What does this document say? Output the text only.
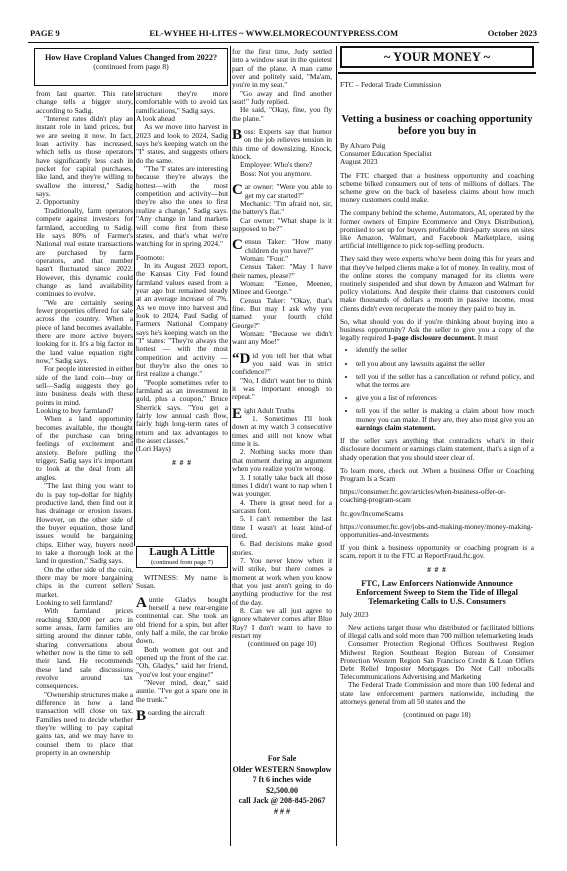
PAGE 9	EL-WYHEE HI-LITES ~ WWW.ELMORECOUNTYPRESS.COM	October 2023
How Have Cropland Values Changed from 2022?
(continued from page 8)

from last quarter. This rate change tells a bigger story, according to Sadig.

"Interest rates didn't play an instant role in land prices, but we are seeing it now. In fact, loan activity has increased, which tells us those operators have significantly less cash in pocket for capital purchases, like land, and they're willing to swallow the interest," Sadig says.

2. Opportunity

Traditionally, farm operators compete against investors for farmland, according to Sadig. He says 80% of Farmer's National real estate transactions are purchased by farm operators, and that number hasn't fluctuated since 2022. However, this dynamic could change as land availability continues to evolve.

"We are certainly seeing fewer properties offered for sale across the country. When a piece of land becomes available, there are more active buyers looking for it. It's a big factor in the land value equation right now," Sadig says.

For people interested in either side of the land coin—buy or sell—Sadig suggests they go into business deals with these points in mind.

Looking to buy farmland?

When a land opportunity becomes available, the thought of the purchase can bring feelings of excitement and anxiety. Before pulling the trigger, Sadig says it's important to look at the deal from all angles.

"The last thing you want to do is pay top-dollar for highly productive land, then find out it has drainage or erosion issues. However, on the other side of the buyer equation, those land issues would be bargaining chips. Either way, buyers need to take a thorough look at the land in question," Sadig says.

On the other side of the coin, there may be more bargaining chips in the current sellers' market.

Looking to sell farmland?

With farmland prices reaching $30,000 per acre in some areas, farm families are sitting around the dinner table, sharing conversations about whether now is the time to sell their land. He recommends these land sale discussions revolve around tax consequences.

"Ownership structures make a difference in how a land transaction will close on tax. Families need to decide whether they're willing to pay capital gains tax, and we may have to counsel them to place that property in an ownership

structure they're more comfortable with to avoid tax ramifications," Sadig says.

A look ahead

As we move into harvest in 2023 and look to 2024, Sadig says he's keeping watch on the "I" states, and suggests others do the same.

"The 'I' states are interesting because they're always the hottest—with the most competition and activity—but they're also the ones to first realize a change," Sadig says. "Any change in land markets will come first from these states, and that's what we're watching for in spring 2024."

Footnote:

In its August 2023 report, the Kansas City Fed found farmland values eased from a year ago but remained steady at an average increase of 7%. As we move into harvest and look to 2024, Paul Sadig of Farmers National Company says he's keeping watch on the "I" states: "They're always the hottest — with the most competition and activity — but they're also the ones to first realize a change."

"People sometimes refer to farmland as an investment in gold, plus a coupon," Bruce Sherrick says. "You get a fairly low annual cash flow, fairly high long-term rates of return and tax advantages to the asset classes."

(Lori Hays)

# # #

Laugh A Little
(continued from page 7)

WITNESS: My name is Susan.

Auntie Gladys bought herself a new rear-engine continental car. She took an old friend for a spin, but after only half a mile, the car broke down.

Both women got out and opened up the front of the car. "Oh, Gladys," said her friend, "you've lost your engine!"

"Never mind, dear," said auntie. "I've got a spare one in the trunk."

Boarding the aircraft

for the first time, Judy settled into a window seat in the quietest part of the plane. A man came over and politely said, "Ma'am, you're in my seat."

"Go away and find another seat!" Judy replied.

He said, "Okay, fine, you fly the plane."

Boss: Experts say that humor on the job relieves tension in this time of downsizing. Knock, knock.

Employee: Who's there?

Boss: Not you anymore.

Car owner: "Were you able to get my car started?"

Mechanic: "I'm afraid not, sir, the battery's flat."

Car owner: "What shape is it supposed to be?"

Census Taker: "How many children do you have?"

Woman: "Four."

Census Taker: "May I have their names, please?"

Woman: "Eenee, Meenee, Minee and George."

Census Taker: "Okay, that's fine. But may I ask why you named your fourth child George?"

Woman: "Because we didn't want any Moe!"

“Did you tell her that what you said was in strict confidence?"

"No, I didn't want her to think it was important enough to repeat."

Eight Adult Truths

1. Sometimes I'll look down at my watch 3 consecutive times and still not know what time it is.

2. Nothing sucks more than that moment during an argument when you realize you're wrong.

3. I totally take back all those times I didn't want to nap when I was younger.

4. There is great need for a sarcasm font.

5. I can't remember the last time I wasn't at least kind-of tired.

6. Bad decisions make good stories.

7. You never know when it will strike, but there comes a moment at work when you know that you just aren't going to do anything productive for the rest of the day.

8. Can we all just agree to ignore whatever comes after Blue Ray? I don't want to have to restart my

(continued on page 10)

For Sale
Older WESTERN Snowplow
7 ft 6 inches wide
$2,500.00
call Jack @ 208-845-2067
# # #
~ YOUR MONEY ~
FTC – Federal Trade Commission

Vetting a business or coaching opportunity before you buy in

By Alvaro Puig

Consumer Education Specialist

August 2023

The FTC charged that a business opportunity and coaching scheme bilked consumers out of tens of millions of dollars. The scheme grew on the back of baseless claims about how much money customers could make.

The company behind the scheme, Automators, AI, operated by the former owners of Empire Ecommerce and Onyx Distribution), promised to set up for buyers profitable third-party stores on sites like Amazon, Walmart, and Facebook Marketplace, using artificial intelligence to pick top-selling products.

They said they were experts who've been doing this for years and that they've helped clients make a lot of money. In reality, most of the online stores the company managed for its clients were routinely suspended and shut down by Amazon and Walmart for policy violations. And despite their claims that customers could make thousands of dollars a month in passive income, most clients didn't even recuperate the money they paid to buy in.

So, what should you do if you're thinking about buying into a business opportunity? Ask the seller to give you a copy of the legally required 1-page disclosure document. It must

• identify the seller
• tell you about any lawsuits against the seller
• tell you if the seller has a cancellation or refund policy, and what the terms are
• give you a list of references
• tell you if the seller is making a claim about how much money you can make. If they are, they also must give you an earnings claim statement.

If the seller says anything that contradicts what's in their disclosure document or earnings claim statement, that's a sign of a shady operation that you should steer clear of.

To learn more, check out .When a business Offer or Coaching Program Is a Scam

https://consumer.ftc.gov/articles/when-business-offer-or-coaching-program-scam

ftc.gov/IncomeScams

https://consumer.ftc.gov/jobs-and-making-money/money-making-opportunities-and-investments

If you think a business opportunity or coaching program is a scam, report it to the FTC at ReportFraud.ftc.gov.

# # #

FTC, Law Enforcers Nationwide Announce Enforcement Sweep to Stem the Tide of Illegal Telemarketing Calls to U.S. Consumers

July 2023

New actions target those who distributed or facilitated billions of illegal calls and sold more than 700 million telemarketing leads

Consumer Protection Regional Offices Southwest Region Midwest Region Southeast Region Bureau of Consumer Protection Western Region San Francisco Credit & Loan Offers Debt Relief Imposter Mortgages Do Not Call robocalls Telecommunications Advertising and Marketing

The Federal Trade Commission and more than 100 federal and state law enforcement partners nationwide, including the attorneys general from all 50 states and the

(continued on page 18)
